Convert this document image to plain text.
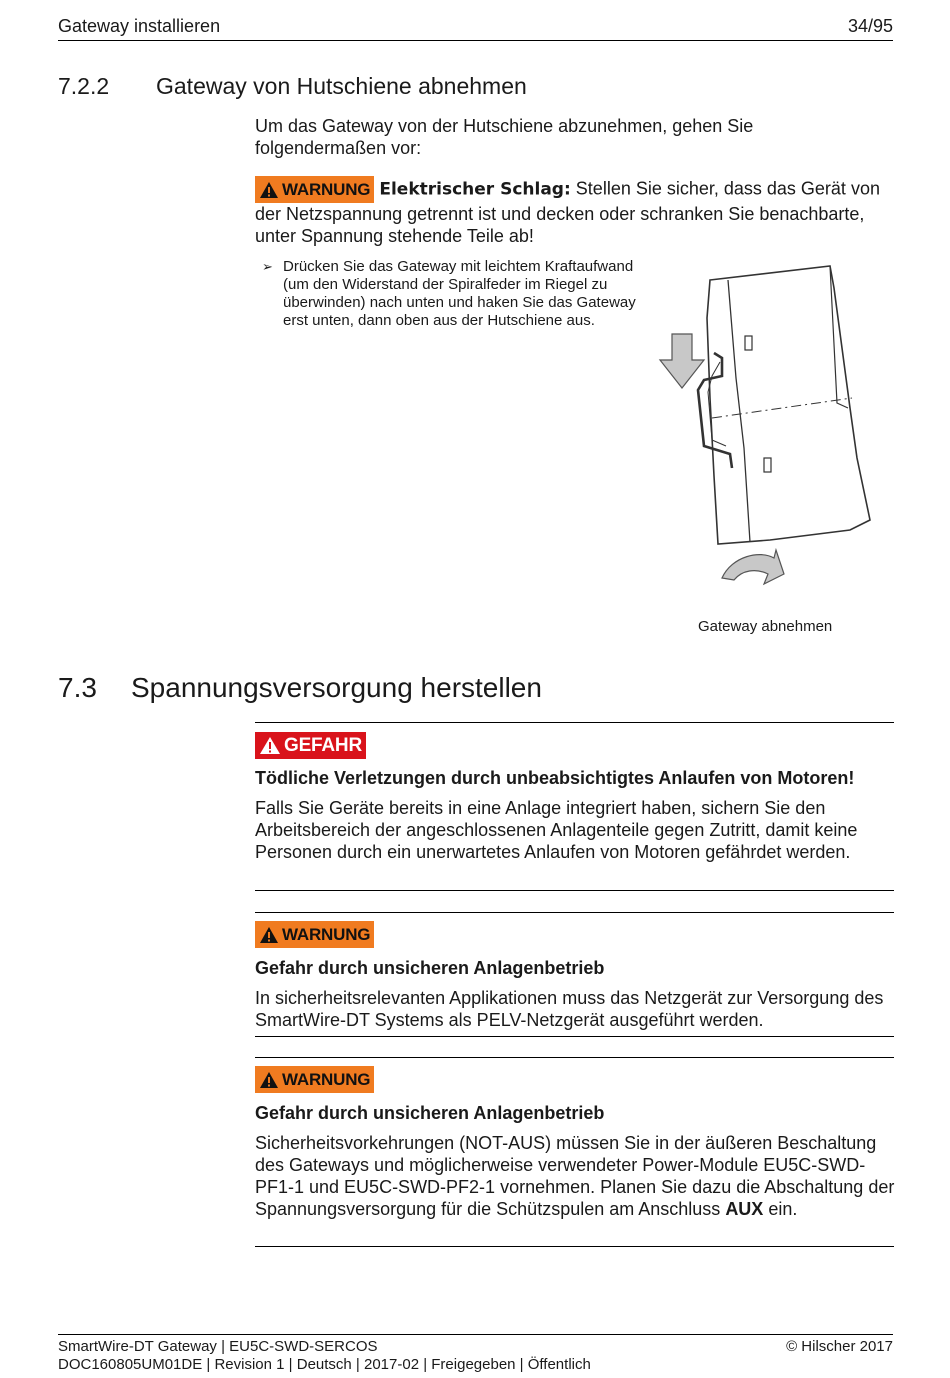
Gateway installieren	34/95
7.2.2 Gateway von Hutschiene abnehmen
Um das Gateway von der Hutschiene abzunehmen, gehen Sie folgendermaßen vor:
WARNUNG Elektrischer Schlag: Stellen Sie sicher, dass das Gerät von der Netzspannung getrennt ist und decken oder schranken Sie benachbarte, unter Spannung stehende Teile ab!
➢ Drücken Sie das Gateway mit leichtem Kraftaufwand (um den Widerstand der Spiralfeder im Riegel zu überwinden) nach unten und haken Sie das Gateway erst unten, dann oben aus der Hutschiene aus.
Gateway abnehmen
7.3 Spannungsversorgung herstellen
GEFAHR
Tödliche Verletzungen durch unbeabsichtigtes Anlaufen von Motoren!
Falls Sie Geräte bereits in eine Anlage integriert haben, sichern Sie den Arbeitsbereich der angeschlossenen Anlagenteile gegen Zutritt, damit keine Personen durch ein unerwartetes Anlaufen von Motoren gefährdet werden.
WARNUNG
Gefahr durch unsicheren Anlagenbetrieb
In sicherheitsrelevanten Applikationen muss das Netzgerät zur Versorgung des SmartWire-DT Systems als PELV-Netzgerät ausgeführt werden.
WARNUNG
Gefahr durch unsicheren Anlagenbetrieb
Sicherheitsvorkehrungen (NOT-AUS) müssen Sie in der äußeren Beschaltung des Gateways und möglicherweise verwendeter Power-Module EU5C-SWD-PF1-1 und EU5C-SWD-PF2-1 vornehmen. Planen Sie dazu die Abschaltung der Spannungsversorgung für die Schützspulen am Anschluss AUX ein.
SmartWire-DT Gateway | EU5C-SWD-SERCOS
DOC160805UM01DE | Revision 1 | Deutsch | 2017-02 | Freigegeben | Öffentlich
© Hilscher 2017
